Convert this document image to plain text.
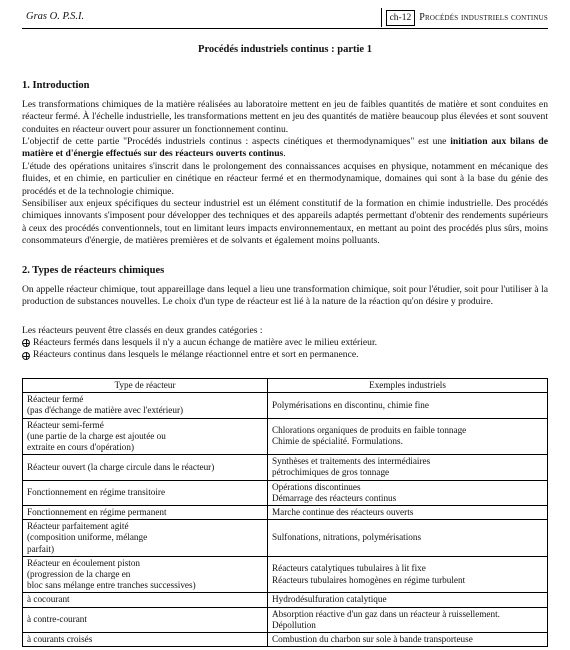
Gras O. P.S.I.	ch-12 Procédés industriels continus
Procédés industriels continus : partie 1
1. Introduction

Les transformations chimiques de la matière réalisées au laboratoire mettent en jeu de faibles quantités de matière et sont conduites en réacteur fermé. À l'échelle industrielle, les transformations mettent en jeu des quantités de matière beaucoup plus élevées et sont souvent conduites en réacteur ouvert pour assurer un fonctionnement continu.

L'objectif de cette partie "Procédés industriels continus : aspects cinétiques et thermodynamiques" est une initiation aux bilans de matière et d'énergie effectués sur des réacteurs ouverts continus.

L'étude des opérations unitaires s'inscrit dans le prolongement des connaissances acquises en physique, notamment en mécanique des fluides, et en chimie, en particulier en cinétique en réacteur fermé et en thermodynamique, domaines qui sont à la base du génie des procédés et de la technologie chimique.

Sensibiliser aux enjeux spécifiques du secteur industriel est un élément constitutif de la formation en chimie industrielle. Des procédés chimiques innovants s'imposent pour développer des techniques et des appareils adaptés permettant d'obtenir des rendements supérieurs à ceux des procédés conventionnels, tout en limitant leurs impacts environnementaux, en mettant au point des procédés plus sûrs, moins consommateurs d'énergie, de matières premières et de solvants et également moins polluants.

2. Types de réacteurs chimiques

On appelle réacteur chimique, tout appareillage dans lequel a lieu une transformation chimique, soit pour l'étudier, soit pour l'utiliser à la production de substances nouvelles. Le choix d'un type de réacteur est lié à la nature de la réaction qu'on désire y produire.

Les réacteurs peuvent être classés en deux grandes catégories :

Réacteurs fermés dans lesquels il n'y a aucun échange de matière avec le milieu extérieur.
Réacteurs continus dans lesquels le mélange réactionnel entre et sort en permanence.
Type de réacteur	Exemples industriels

Réacteur fermé
(pas d'échange de matière avec l'extérieur)	Polymérisations en discontinu, chimie fine

Réacteur semi-fermé
(une partie de la charge est ajoutée ou
extraite en cours d'opération)	Chlorations organiques de produits en faible tonnage
Chimie de spécialité. Formulations.

Réacteur ouvert (la charge circule dans le réacteur)	Synthèses et traitements des intermédiaires
pétrochimiques de gros tonnage

Fonctionnement en régime transitoire	Opérations discontinues
Démarrage des réacteurs continus

Fonctionnement en régime permanent	Marche continue des réacteurs ouverts

Réacteur parfaitement agité
(composition uniforme, mélange
parfait)	Sulfonations, nitrations, polymérisations

Réacteur en écoulement piston
(progression de la charge en
bloc sans mélange entre tranches successives)	Réacteurs catalytiques tubulaires à lit fixe
Réacteurs tubulaires homogènes en régime turbulent

à cocourant	Hydrodésulfuration catalytique

à contre-courant	Absorption réactive d'un gaz dans un réacteur à ruissellement.
Dépollution

à courants croisés	Combustion du charbon sur sole à bande transporteuse
